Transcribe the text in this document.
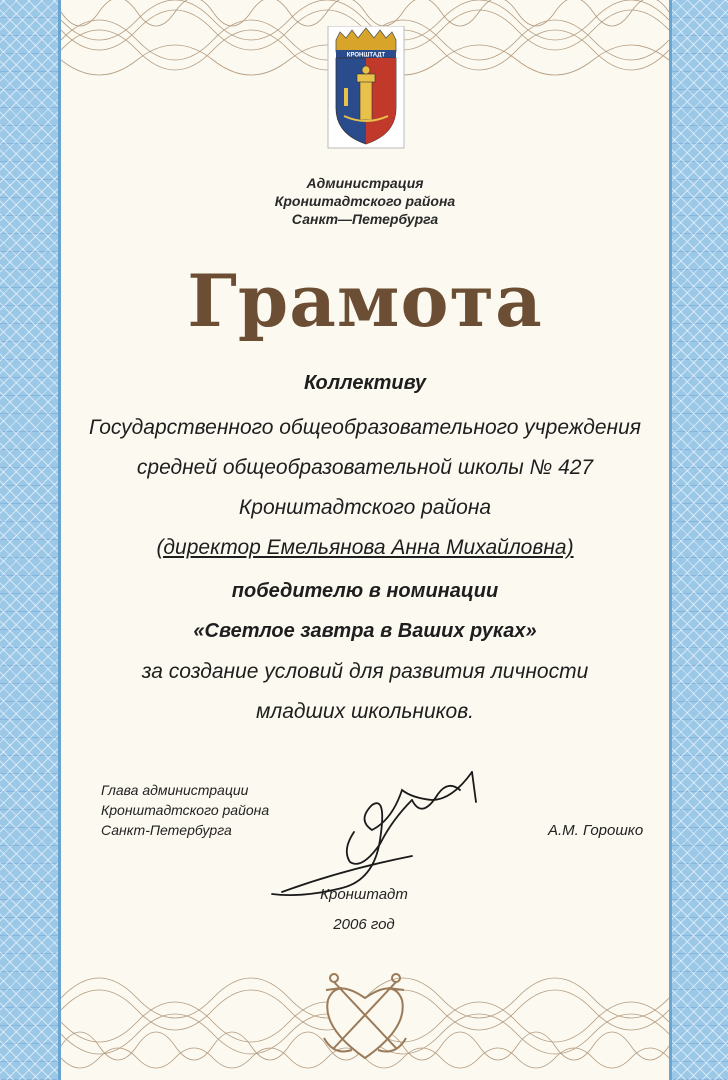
КРОНШТАДТ
Администрация
Кронштадтского района
Санкт—Петербурга
Грамота
Коллективу
Государственного общеобразовательного учреждения
средней общеобразовательной школы № 427
Кронштадтского района
(директор Емельянова Анна Михайловна)
победителю в номинации
«Светлое завтра в Ваших руках»
за создание условий для развития личности
младших школьников.
Глава администрации
Кронштадтского района
Санкт-Петербурга	А.М. Горошко
Кронштадт
2006 год
